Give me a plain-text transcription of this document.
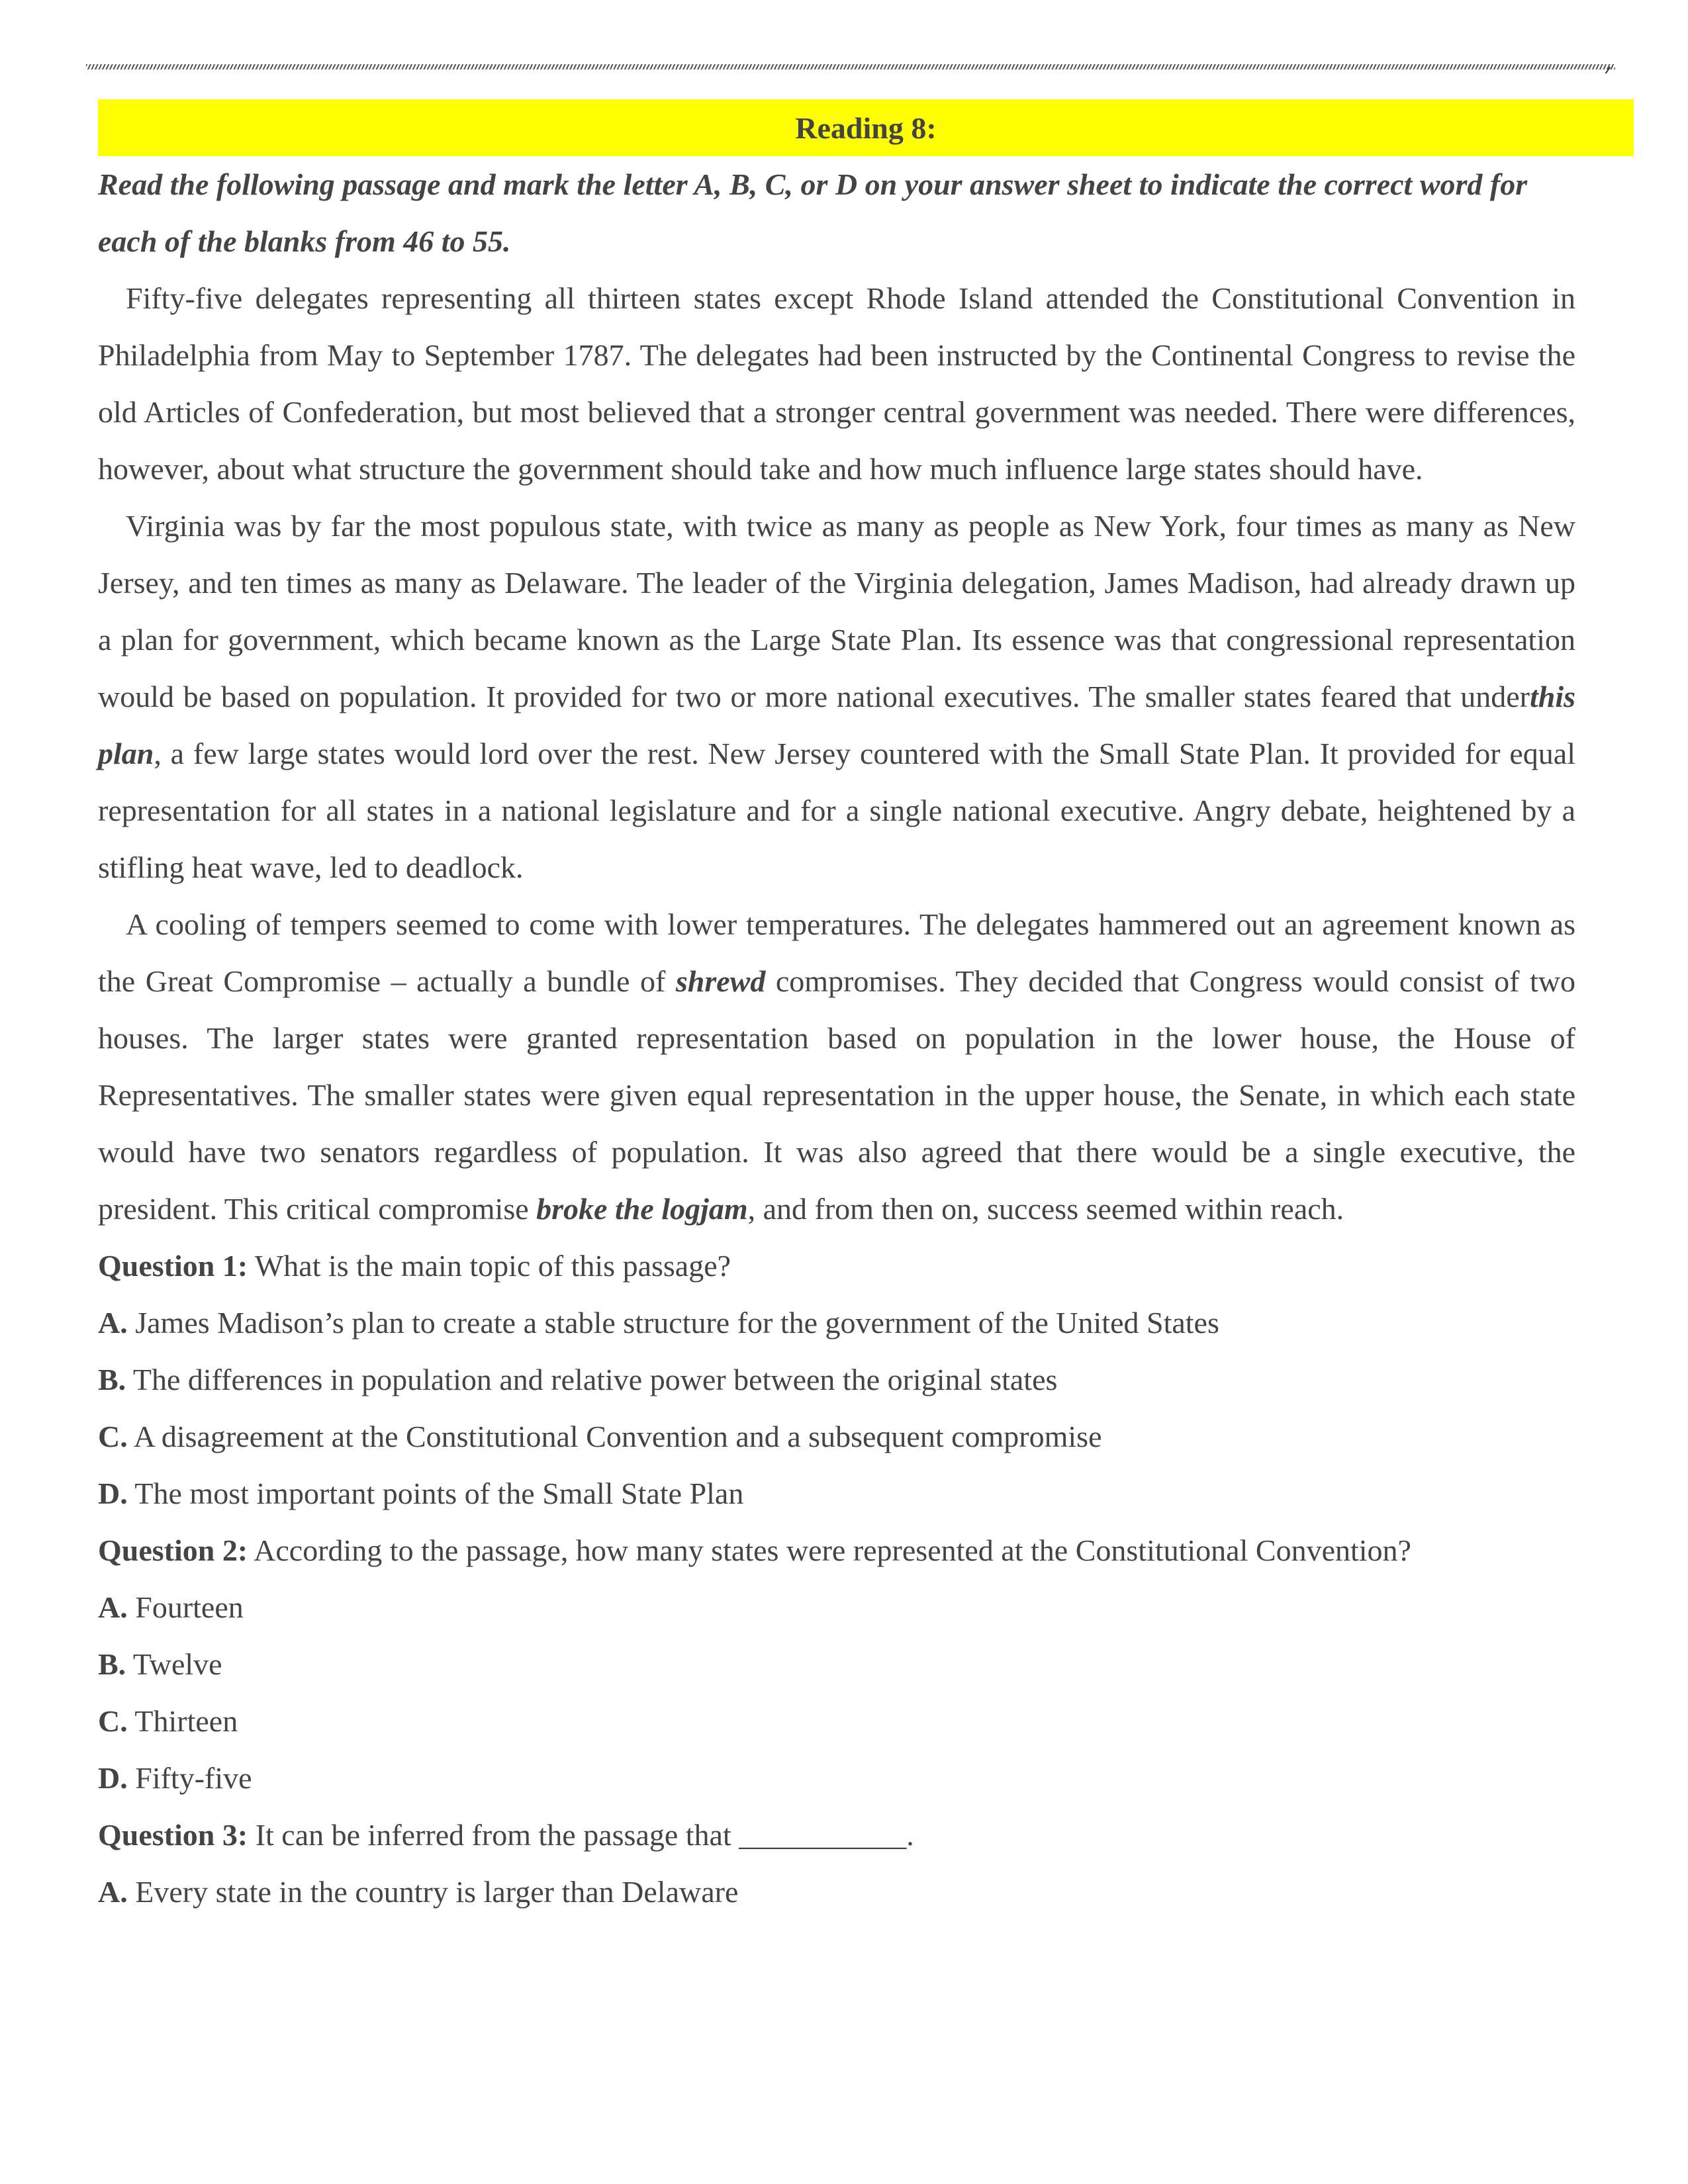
Reading 8:

Read the following passage and mark the letter A, B, C, or D on your answer sheet to indicate the correct word for each of the blanks from 46 to 55.

Fifty-five delegates representing all thirteen states except Rhode Island attended the Constitutional Convention in Philadelphia from May to September 1787. The delegates had been instructed by the Continental Congress to revise the old Articles of Confederation, but most believed that a stronger central government was needed. There were differences, however, about what structure the government should take and how much influence large states should have.

Virginia was by far the most populous state, with twice as many as people as New York, four times as many as New Jersey, and ten times as many as Delaware. The leader of the Virginia delegation, James Madison, had already drawn up a plan for government, which became known as the Large State Plan. Its essence was that congressional representation would be based on population. It provided for two or more national executives. The smaller states feared that underthis plan, a few large states would lord over the rest. New Jersey countered with the Small State Plan. It provided for equal representation for all states in a national legislature and for a single national executive. Angry debate, heightened by a stifling heat wave, led to deadlock.

A cooling of tempers seemed to come with lower temperatures. The delegates hammered out an agreement known as the Great Compromise – actually a bundle of shrewd compromises. They decided that Congress would consist of two houses. The larger states were granted representation based on population in the lower house, the House of Representatives. The smaller states were given equal representation in the upper house, the Senate, in which each state would have two senators regardless of population. It was also agreed that there would be a single executive, the president. This critical compromise broke the logjam, and from then on, success seemed within reach.

Question 1: What is the main topic of this passage?

A. James Madison’s plan to create a stable structure for the government of the United States

B. The differences in population and relative power between the original states

C. A disagreement at the Constitutional Convention and a subsequent compromise

D. The most important points of the Small State Plan

Question 2: According to the passage, how many states were represented at the Constitutional Convention?

A. Fourteen

B. Twelve

C. Thirteen

D. Fifty-five

Question 3: It can be inferred from the passage that ___________.

A. Every state in the country is larger than Delaware
